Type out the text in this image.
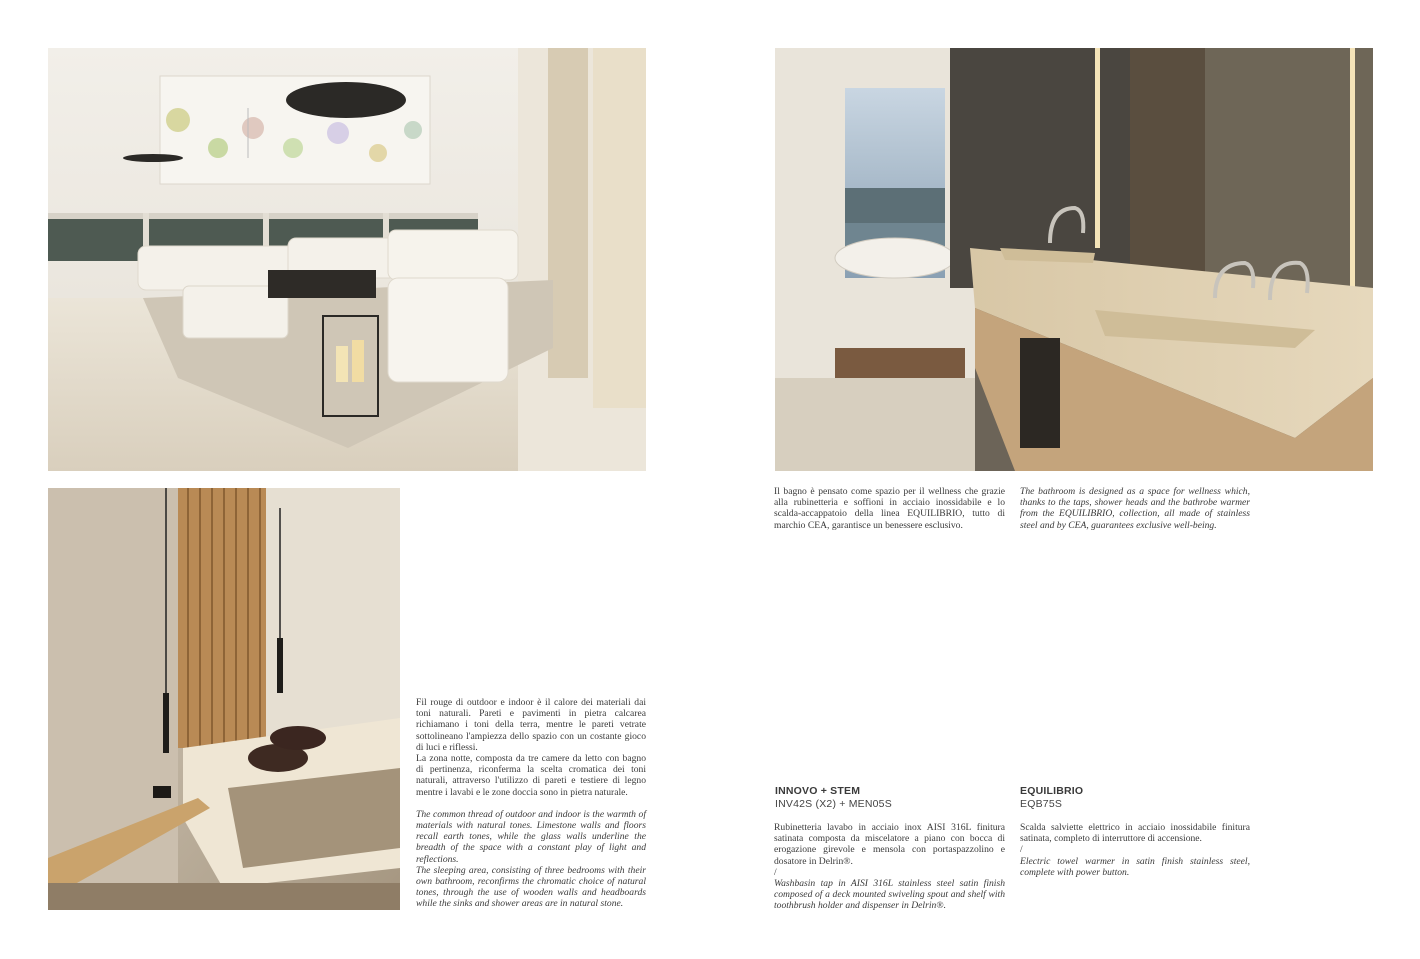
Il bagno è pensato come spazio per il wellness che grazie alla rubinetteria e soffioni in acciaio inossidabile e lo scalda-accappatoio della linea EQUILIBRIO, tutto di marchio CEA, garantisce un benessere esclusivo.

The bathroom is designed as a space for wellness which, thanks to the taps, shower heads and the bathrobe warmer from the EQUILIBRIO, collection, all made of stainless steel and by CEA, guarantees exclusive well-being.

Fil rouge di outdoor e indoor è il calore dei materiali dai toni naturali. Pareti e pavimenti in pietra calcarea richiamano i toni della terra, mentre le pareti vetrate sottolineano l'ampiezza dello spazio con un costante gioco di luci e riflessi.

La zona notte, composta da tre camere da letto con bagno di pertinenza, riconferma la scelta cromatica dei toni naturali, attraverso l'utilizzo di pareti e testiere di legno mentre i lavabi e le zone doccia sono in pietra naturale.

The common thread of outdoor and indoor is the warmth of materials with natural tones. Limestone walls and floors recall earth tones, while the glass walls underline the breadth of the space with a constant play of light and reflections.

The sleeping area, consisting of three bedrooms with their own bathroom, reconfirms the chromatic choice of natural tones, through the use of wooden walls and headboards while the sinks and shower areas are in natural stone.

INNOVO + STEM
INV42S (X2) + MEN05S

Rubinetteria lavabo in acciaio inox AISI 316L finitura satinata composta da miscelatore a piano con bocca di erogazione girevole e mensola con portaspazzolino e dosatore in Delrin®.

/

Washbasin tap in AISI 316L stainless steel satin finish composed of a deck mounted swiveling spout and shelf with toothbrush holder and dispenser in Delrin®.

EQUILIBRIO
EQB75S

Scalda salviette elettrico in acciaio inossidabile finitura satinata, completo di interruttore di accensione.

/

Electric towel warmer in satin finish stainless steel, complete with power button.
